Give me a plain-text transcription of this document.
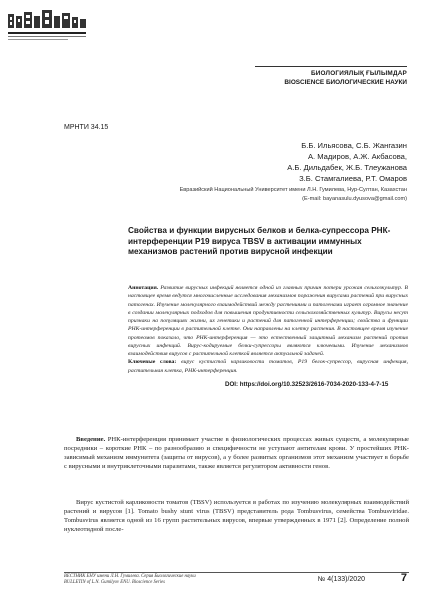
БИОЛОГИЯЛЫҚ ҒЫЛЫМДАР
BIOSCIENCE БИОЛОГИЧЕСКИЕ НАУКИ
МРНТИ 34.15
Б.Б. Ильясова, С.Б. Жангазин
А. Мадиров, А.Ж. Акбасова,
А.Б. Дильдабек, Ж.Б. Тлеужанова
З.Б. Стамгалиева, Р.Т. Омаров
Евразийский Национальный Университет имени Л.Н. Гумилева, Нур-Султан, Казахстан
(E-mail: bayanasulu.dyusova@gmail.com)
Свойства и функции вирусных белков и белка-супрессора РНК-интерференции P19 вируса TBSV в активации иммунных механизмов растений против вирусной инфекции
Аннотация. Развитие вирусных инфекций является одной из главных причин потери урожая сельхозкультур. В настоящее время ведутся многочисленные исследования механизмов поражения вирусами растений при вирусных патогенах. Изучение молекулярного взаимодействий между растениями и патогенами играет огромное значение в создании молекулярных подходов для повышения продуктивности сельскохозяйственных культур. Вирусы несут признаки на популяциях жизни, их генетики и растений для патогенной интерференции; свойства и функции РНК-интерференции в растительной клетке. Они направлены на клетку растения. В настоящее время изучение протеомов показало, что РНК-интерференция — это естественный защитный механизм растений против вирусных инфекций. Вирус-кодируемые белки-супрессоры являются ключевыми. Изучение механизмов взаимодействия вирусов с растительной клеткой является актуальной задачей.
Ключевые слова: вирус кустистой карликовости томатов, P19 белок-супрессор, вирусная инфекция, растительная клетка, РНК-интерференция.
DOI: https://doi.org/10.32523/2616-7034-2020-133-4-7-15
Введение. РНК-интерференция принимает участие в физиологических процессах живых существ, а молекулярные посредники – короткие РНК – по разнообразию и специфичности не уступают антителам крови. У простейших РНК-зависимый механизм иммунитета (защиты от вирусов), а у более развитых организмов этот механизм участвует в борьбе с вирусными и внутриклеточными паразитами, также является регулятором активности генов.
Вирус кустистой карликовости томатов (TBSV) используется в работах по изучению молекулярных взаимодействий растений и вирусов [1]. Tomato bushy stunt virus (TBSV) представитель рода Tombusvirus, семейства Tombusviridae. Tombusvirus является одной из 16 групп растительных вирусов, впервые утвержденных в 1971 [2]. Определение полной нуклеотидной после-
ВЕСТНИК ЕНУ имени Л.Н. Гумилева. Серия Биологические науки
BULLETIN of L.N. Gumilyov ENU. Bioscience Series	№ 4(133)/2020	7
